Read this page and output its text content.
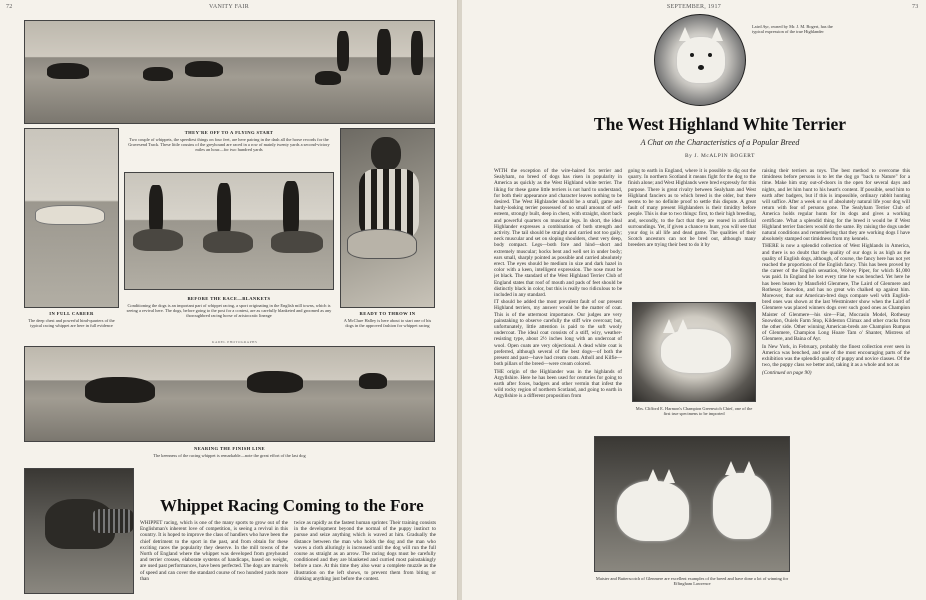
72	VANITY FAIR
IN FULL CAREER
The deep chest and powerful hind-quarters of the typical racing whippet are here in full evidence
THEY'RE OFF TO A FLYING START
Two couple of whippets, the speediest things on four feet, are here pairing in the dash all the horse records for the Gravesend Track. These little cousins of the greyhound are raced in a row of mainly twenty yards a second-victory miles an hour—for two hundred yards
BEFORE THE RACE—BLANKETS
Conditioning the dogs is an important part of whippet racing, a sport originating in the English mill towns, which is seeing a revival here. The dogs, before going to the post for a contest, are as carefully blanketed and groomed as any thoroughbred racing horse of aristocratic lineage	READY TO THROW IN
A McClure Halley is here about to start one of his dogs in the approved fashion for whippet racing
KADEL PHOTOGRAPHS
NEARING THE FINISH LINE
The keenness of the racing whippet is remarkable—note the great effort of the last dog
Whippet Racing Coming to the Fore
WHIPPET racing, which is one of the many sports to grow out of the Englishman's inherent love of competition, is seeing a revival in this country. It is hoped to improve the class of handlers who have been the chief detriment to the sport in the past, and from obtain for these exciting races the popularity they deserve. In the mill towns of the North of England where the whippet was developed from greyhound and terrier crosses, elaborate systems of handicaps, based on weight, are used past performances, have been perfected. The dogs are marvels of speed and can cover the standard course of two hundred yards more than
twice as rapidly as the fastest human sprinter. Their training consists in the development beyond the normal of the puppy instinct to pursue and seize anything which is waved at him. Gradually the distance between the man who holds the dog and the man who waves a cloth alluringly is increased until the dog will run the full course as straight as an arrow. The racing dogs must be carefully conditioned and they are blanketed and curried most painstakingly before a race. At this time they also wear a complete muzzle as the illustration on the left shows, to prevent them from biting or drinking anything just before the contest.
SEPTEMBER, 1917	73
Laird Ayr, owned by Mr. J. M. Bogert, has the typical expression of the true Highlander
The West Highland White Terrier
A Chat on the Characteristics of a Popular Breed
By J. McALPIN BOGERT
WITH the exception of the wire-haired fox terrier and Sealyham, no breed of dogs has risen in popularity in America as quickly as the West Highland white terrier. The liking for these game little terriers is not hard to understand, for both their appearance and character leaves nothing to be desired. The West Highlander should be a small, game and hardy-looking terrier possessed of no small amount of self-esteem, strongly built, deep in chest, with straight, short back and powerful quarters on muscular legs. In short, the ideal Highlander expresses a combination of both strength and activity. The tail should be straight and carried not too gaily; neck muscular and set on sloping shoulders, chest very deep, body compact. Legs—both fore and hind—short and extremely muscular; hocks bent and well set in under body; ears small, sharply pointed as possible and carried absolutely erect. The eyes should be medium in size and dark hazel in color with a keen, intelligent expression. The nose must be jet black. The standard of the West Highland Terrier Club of England states that roof of mouth and pads of feet should be distinctly black in color, but this is really too ridiculous to be included in any standard.
IT should be added the most prevalent fault of our present Highland terriers, my answer would be the matter of coat. This is of the uttermost importance. Our judges are very painstaking to observe carefully the stiff wire overcoat; but, unfortunately, little attention is paid to the soft wooly undercoat. The ideal coat consists of a stiff, wiry, weather-resisting type, about 2½ inches long with an undercoat of wool. Open coats are very objectional. A dead white coat is preferred, although several of the best dogs—of both the present and past—have had cream coats. Atholl and Kilfie—both pillars of the breed—were cream colored.
THE origin of the Highlander was in the highlands of Argyllshire. Here he has been used for centuries for going to earth after foxes, badgers and other vermin that infest the wild rocky region of northern Scotland, and going to earth in Argyllshire is a different proposition from
going to earth in England, where it is possible to dig out the quarry. In northern Scotland it means fight for the dog to the finish alone; and West Highlands were bred expressly for this purpose. There is great rivalry between Sealyham and West Highland fanciers as to which breed is the older, but there seems to be no definite proof to settle this dispute. A great fault of many present Highlanders is their timidity before people. This is due to two things: first, to their high breeding, and, secondly, to the fact that they are reared in artificial surroundings. Yet, if given a chance to hunt, you will see that your dog is all life and dead game. The qualities of their Scotch ancestors can not be bred out, although many breeders are trying their best to do it by
raising their terriers as toys. The best method to overcome this timidness before persons is to let the dog go "back to Nature" for a time. Make him stay out-of-doors in the open for several days and nights, and let him hunt to his heart's content. If possible, send him to earth after badgers, but if this is impossible, ordinary rabbit hunting will suffice. After a week or so of absolutely natural life your dog will return with fear of persons gone. The Sealyham Terrier Club of America holds regular hunts for its dogs and gives a working certificate. What a splendid thing for the breed it would be if West Highland terrier fanciers would do the same. By raising the dogs under natural conditions and remembering that they are working dogs I have absolutely stamped out timidness from my kennels.
THERE is now a splendid collection of West Highlands in America, and there is no doubt that the quality of our dogs is as high as the quality of English dogs, although, of course, the fancy here has not yet reached the proportions of the English fancy. This has been proved by the career of the English sensation, Wolvey Piper, for which $1,000 was paid. In England he lost every time he was benched. Yet here he has been beaten by Mansfield Glenmere, The Laird of Glenmere and Rothesay Snowdon, and has no great win chalked up against him. Moreover, that our American-bred dogs compare well with English-bred ones was shown at the last Westminster show when the Laird of Glenmere was placed winners dogs over such good ones as Champion Maister of Glenmere—his sire—Fiat, Moccasin Model, Rothesay Snowdon, Ouiels Farm Stop, Kildeston Climax and other cracks from the other side. Other winning American-breds are Champion Rumpus of Glenmere, Champion Long Hoare Tam o' Shanter, Mistress of Glenmere, and Baina of Ayr.
In New York, in February, probably the finest collection ever seen in America was benched, and one of the most encouraging parts of the exhibition was the splendid quality of puppy and novice classes. Of the two, the puppy class we better and, taking it as a whole and not as
(Continued on page 90)
Mrs. Clifford E. Harmon's Champion Greenwich Chief, one of the first true specimens to be imported
Maister and Butterscotch of Glenmere are excellent examples of the breed and have done a lot of winning for Effingham Lawrence
